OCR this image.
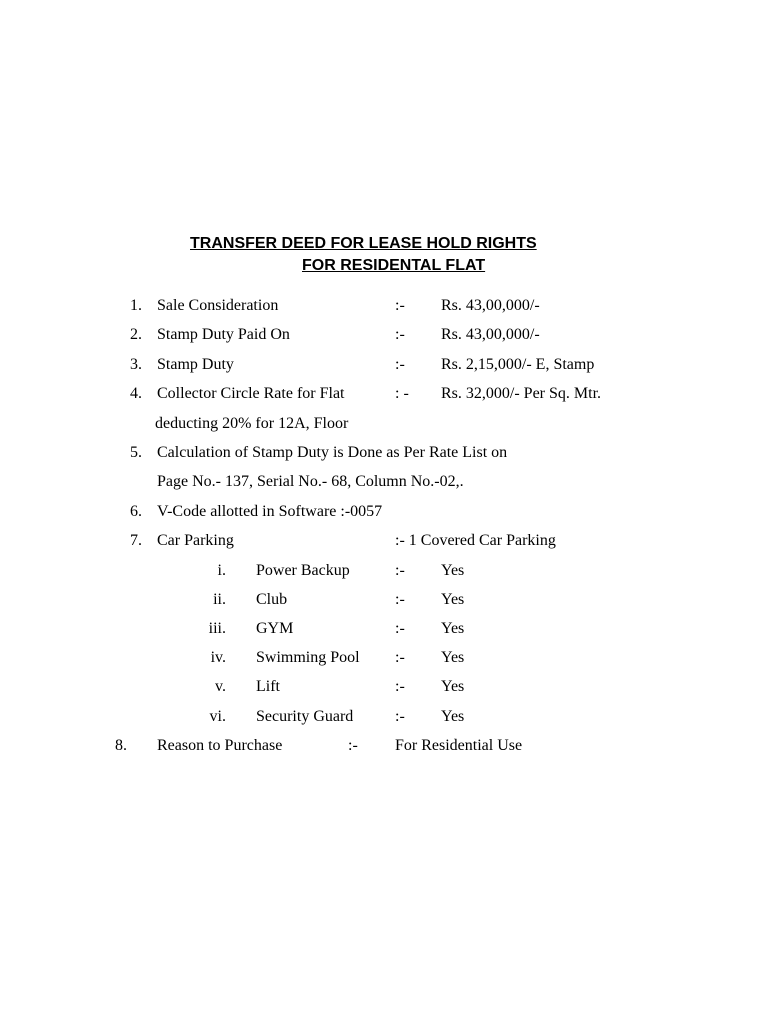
TRANSFER DEED FOR LEASE HOLD RIGHTS
FOR RESIDENTAL FLAT
1. Sale Consideration	:- Rs. 43,00,000/-
2. Stamp Duty Paid On	:- Rs. 43,00,000/-
3. Stamp Duty	:- Rs. 2,15,000/- E, Stamp
4. Collector Circle Rate for Flat	: - Rs. 32,000/- Per Sq. Mtr.
deducting 20% for 12A, Floor
5. Calculation of Stamp Duty is Done as Per Rate List on
Page No.- 137, Serial No.- 68, Column No.-02,.
6. V-Code allotted in Software :-0057
7. Car Parking	:- 1 Covered Car Parking
i. Power Backup	:- Yes
ii. Club	:- Yes
iii. GYM	:- Yes
iv. Swimming Pool :- Yes
v. Lift	:- Yes
vi. Security Guard	:- Yes
8. Reason to Purchase	:- For Residential Use
